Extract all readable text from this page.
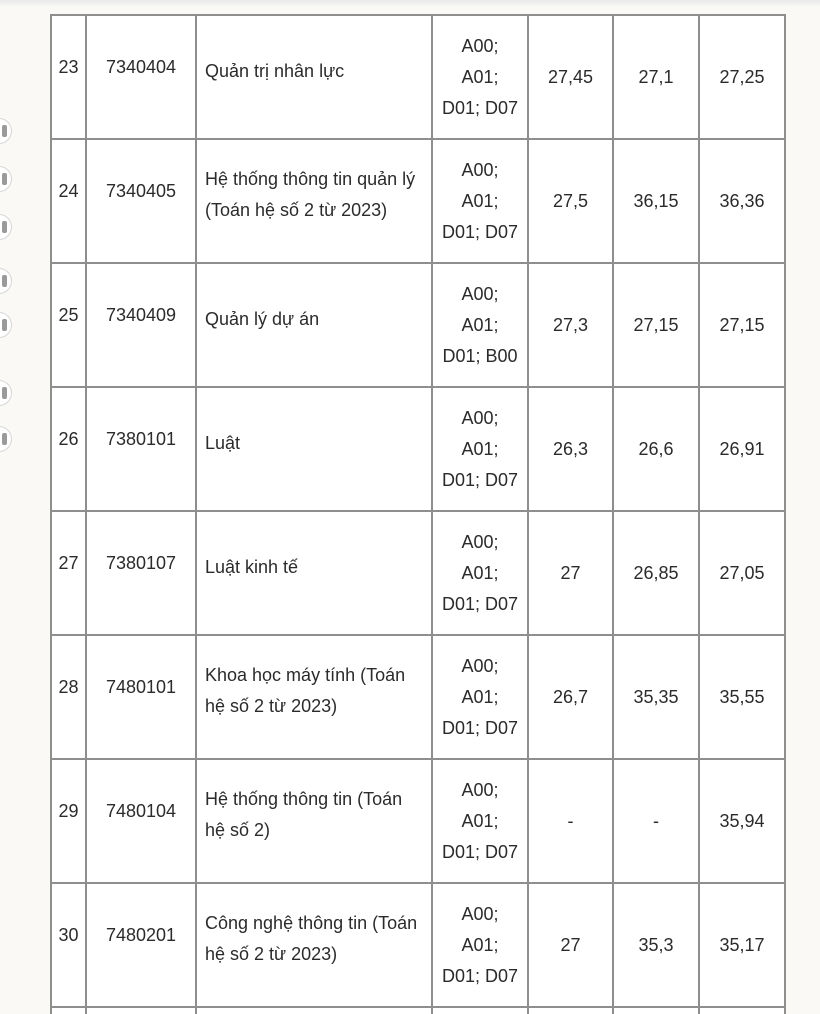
23	7340404	Quản trị nhân lực	A00;
A01;
D01; D07	27,45	27,1	27,25

24	7340405	Hệ thống thông tin quản lý (Toán hệ số 2 từ 2023)	A00;
A01;
D01; D07	27,5	36,15	36,36

25	7340409	Quản lý dự án	A00;
A01;
D01; B00	27,3	27,15	27,15

26	7380101	Luật	A00;
A01;
D01; D07	26,3	26,6	26,91

27	7380107	Luật kinh tế	A00;
A01;
D01; D07	27	26,85	27,05

28	7480101	Khoa học máy tính (Toán hệ số 2 từ 2023)	A00;
A01;
D01; D07	26,7	35,35	35,55

29	7480104	Hệ thống thông tin (Toán hệ số 2)	A00;
A01;
D01; D07	-	-	35,94

30	7480201	Công nghệ thông tin (Toán hệ số 2 từ 2023)	A00;
A01;
D01; D07	27	35,3	35,17
